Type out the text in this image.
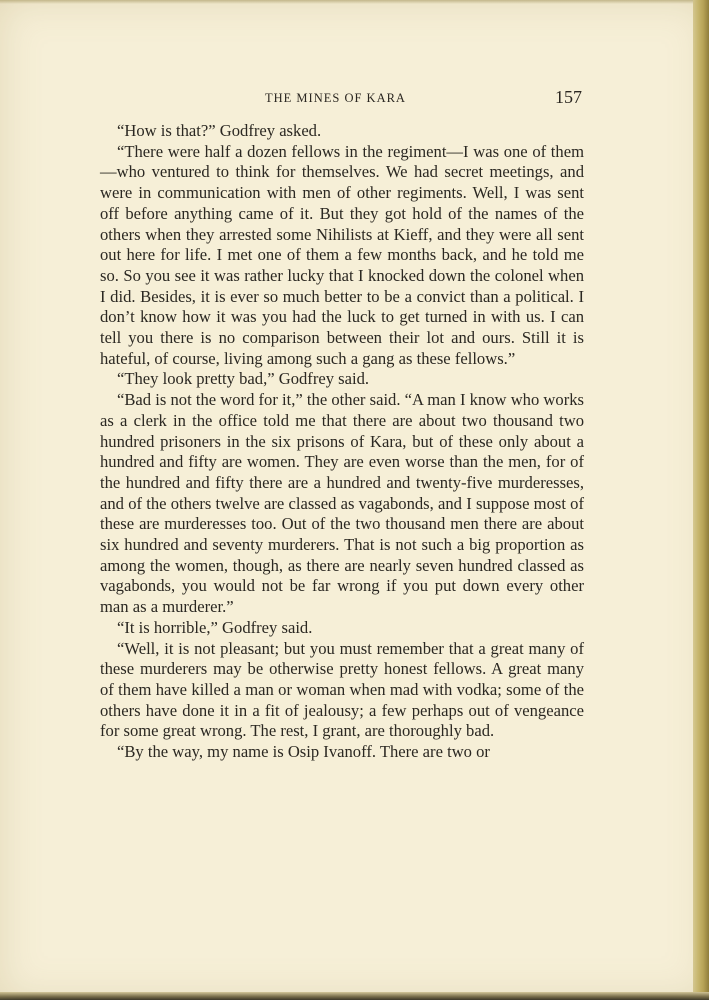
THE MINES OF KARA	157

“How is that?” Godfrey asked.

“There were half a dozen fellows in the regiment—I was one of them—who ventured to think for themselves. We had secret meetings, and were in communication with men of other regiments. Well, I was sent off before anything came of it. But they got hold of the names of the others when they arrested some Nihilists at Kieff, and they were all sent out here for life. I met one of them a few months back, and he told me so. So you see it was rather lucky that I knocked down the colonel when I did. Besides, it is ever so much better to be a convict than a political. I don’t know how it was you had the luck to get turned in with us. I can tell you there is no comparison between their lot and ours. Still it is hateful, of course, living among such a gang as these fellows.”

“They look pretty bad,” Godfrey said.

“Bad is not the word for it,” the other said. “A man I know who works as a clerk in the office told me that there are about two thousand two hundred prisoners in the six prisons of Kara, but of these only about a hundred and fifty are women. They are even worse than the men, for of the hundred and fifty there are a hundred and twenty-five murderesses, and of the others twelve are classed as vagabonds, and I suppose most of these are murderesses too. Out of the two thousand men there are about six hundred and seventy murderers. That is not such a big proportion as among the women, though, as there are nearly seven hundred classed as vagabonds, you would not be far wrong if you put down every other man as a murderer.”

“It is horrible,” Godfrey said.

“Well, it is not pleasant; but you must remember that a great many of these murderers may be otherwise pretty honest fellows. A great many of them have killed a man or woman when mad with vodka; some of the others have done it in a fit of jealousy; a few perhaps out of vengeance for some great wrong. The rest, I grant, are thoroughly bad.

“By the way, my name is Osip Ivanoff. There are two or
